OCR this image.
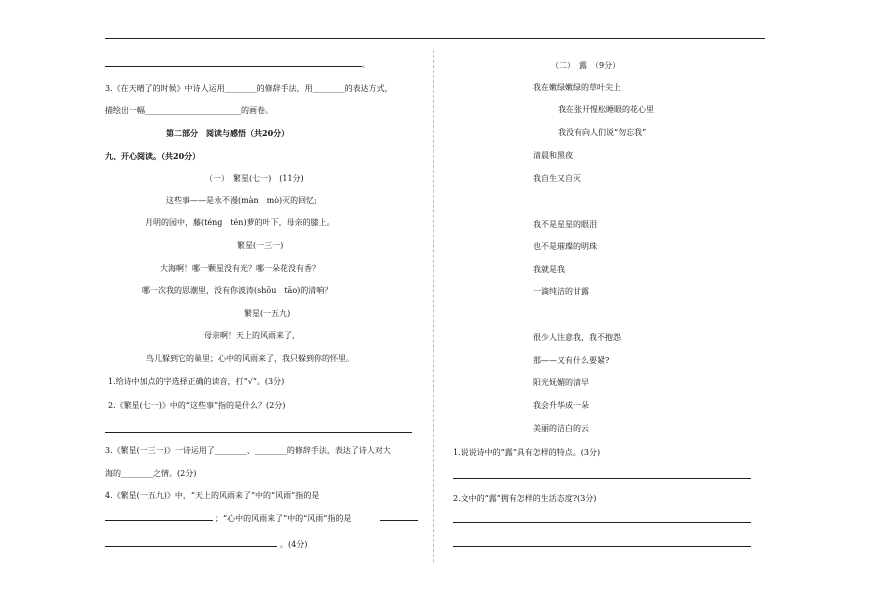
。
3.《在天晴了的时候》中诗人运用________的修辞手法，用________的表达方式，
描绘出一幅________________________的画卷。
第二部分　阅读与感悟（共20分）
九、开心阅读。（共20分）
（一）　繁星(七一)　(11分)
这些事——是永不漫(màn　mò)灭的回忆;
月明的园中，藤(téng　tén)萝的叶下，母亲的膝上。
繁星(一三一)
大海啊！哪一颗星没有光？哪一朵花没有香？
哪一次我的思潮里，没有你波涛(shōu　tāo)的清响？
繁星(一五九)
母亲啊！天上的风雨来了，
鸟儿躲到它的巢里；心中的风雨来了，我只躲到你的怀里。
1.给诗中加点的字选择正确的读音，打“√”。(3分)
2.《繁星(七一)》中的“这些事”指的是什么？(2分)
3.《繁星(一三一)》一诗运用了________、________的修辞手法，表达了诗人对大
海的________之情。(2分)
4.《繁星(一五九)》中，“天上的风雨来了”中的“风雨”指的是
；“心中的风雨来了”中的“风雨”指的是
。(4分)
（二）　露　（9分）
我在嫩绿嫩绿的草叶尖上
我在张开惺松睡眼的花心里
我没有向人们说“勿忘我”
清晨和黑夜
我自生又自灭
我不是星星的眼泪
也不是璀璨的明珠
我就是我
一滴纯洁的甘露
很少人注意我，我不抱怨
那——又有什么要紧?
阳光妩媚的清早
我会升华成一朵
美丽的洁白的云
1.说说诗中的“露”具有怎样的特点。(3分)
2.文中的“露”拥有怎样的生活态度?(3分)
